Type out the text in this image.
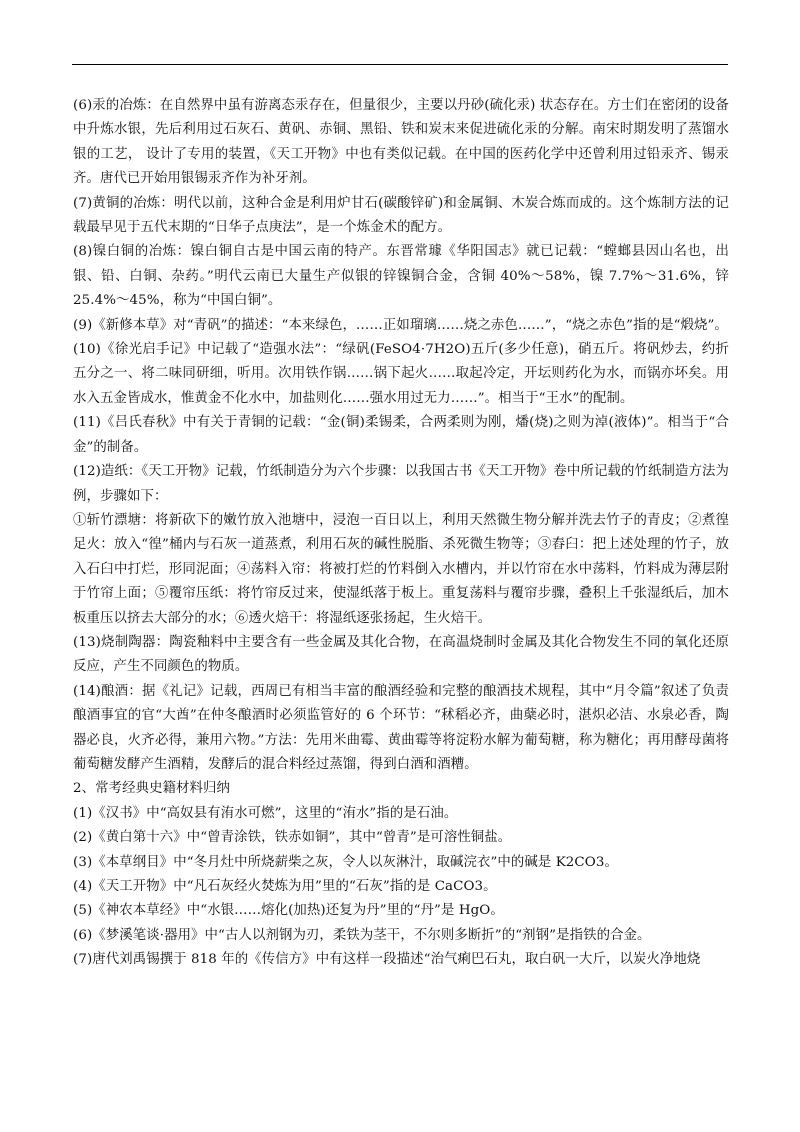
(6)汞的冶炼：在自然界中虽有游离态汞存在，但量很少，主要以丹砂(硫化汞) 状态存在。方士们在密闭的设备中升炼水银，先后利用过石灰石、黄矾、赤铜、黑铅、铁和炭末来促进硫化汞的分解。南宋时期发明了蒸馏水银的工艺， 设计了专用的装置，《天工开物》中也有类似记载。在中国的医药化学中还曾利用过铅汞齐、锡汞齐。唐代已开始用银锡汞齐作为补牙剂。

(7)黄铜的冶炼：明代以前，这种合金是利用炉甘石(碳酸锌矿)和金属铜、木炭合炼而成的。这个炼制方法的记载最早见于五代末期的“日华子点庚法”，是一个炼金术的配方。

(8)镍白铜的冶炼：镍白铜自古是中国云南的特产。东晋常璩《华阳国志》就已记载：“螳螂县因山名也，出银、铅、白铜、杂药。”明代云南已大量生产似银的锌镍铜合金，含铜 40%～58%，镍 7.7%～31.6%，锌 25.4%～45%，称为“中国白铜”。

(9)《新修本草》对“青矾”的描述：“本来绿色，……正如瑠璃……烧之赤色……”，“烧之赤色”指的是“煅烧”。

(10)《徐光启手记》中记载了“造强水法”：“绿矾(FeSO4·7H2O)五斤(多少任意)，硝五斤。将矾炒去，约折五分之一、将二味同研细，听用。次用铁作锅……锅下起火……取起冷定，开坛则药化为水，而锅亦坏矣。用水入五金皆成水，惟黄金不化水中，加盐则化……强水用过无力……”。相当于“王水”的配制。

(11)《吕氏春秋》中有关于青铜的记载：“金(铜)柔锡柔，合两柔则为刚，燔(烧)之则为淖(液体)”。相当于“合金”的制备。

(12)造纸：《天工开物》记载，竹纸制造分为六个步骤：以我国古书《天工开物》卷中所记载的竹纸制造方法为例，步骤如下：

①斩竹漂塘：将新砍下的嫩竹放入池塘中，浸泡一百日以上，利用天然微生物分解并洗去竹子的青皮；②煮徨足火：放入“徨”桶内与石灰一道蒸煮，利用石灰的碱性脱脂、杀死微生物等；③舂臼：把上述处理的竹子，放入石臼中打烂，形同泥面；④荡料入帘：将被打烂的竹料倒入水槽内，并以竹帘在水中荡料，竹料成为薄层附于竹帘上面；⑤覆帘压纸：将竹帘反过来，使湿纸落于板上。重复荡料与覆帘步骤，叠积上千张湿纸后，加木板重压以挤去大部分的水；⑥透火焙干：将湿纸逐张扬起，生火焙干。

(13)烧制陶器：陶瓷釉料中主要含有一些金属及其化合物，在高温烧制时金属及其化合物发生不同的氧化还原反应，产生不同颜色的物质。

(14)酿酒：据《礼记》记载，西周已有相当丰富的酿酒经验和完整的酿酒技术规程，其中“月令篇”叙述了负责酿酒事宜的官“大酋”在仲冬酿酒时必须监管好的 6 个环节：“秫稻必齐，曲蘖必时，湛炽必洁、水泉必香，陶器必良，火齐必得，兼用六物。”方法：先用米曲霉、黄曲霉等将淀粉水解为葡萄糖，称为糖化；再用酵母菌将葡萄糖发酵产生酒精，发酵后的混合料经过蒸馏，得到白酒和酒糟。

2、常考经典史籍材料归纳

(1)《汉书》中“高奴县有洧水可燃”，这里的“洧水”指的是石油。

(2)《黄白第十六》中“曾青涂铁，铁赤如铜”，其中“曾青”是可溶性铜盐。

(3)《本草纲目》中“冬月灶中所烧薪柴之灰，令人以灰淋汁，取碱浣衣”中的碱是 K2CO3。

(4)《天工开物》中“凡石灰经火焚炼为用”里的“石灰”指的是 CaCO3。

(5)《神农本草经》中“水银……熔化(加热)还复为丹”里的“丹”是 HgO。

(6)《梦溪笔谈·器用》中“古人以剂钢为刃，柔铁为茎干，不尔则多断折”的“剂钢”是指铁的合金。

(7)唐代刘禹锡撰于 818 年的《传信方》中有这样一段描述“治气痢巴石丸，取白矾一大斤，以炭火净地烧
